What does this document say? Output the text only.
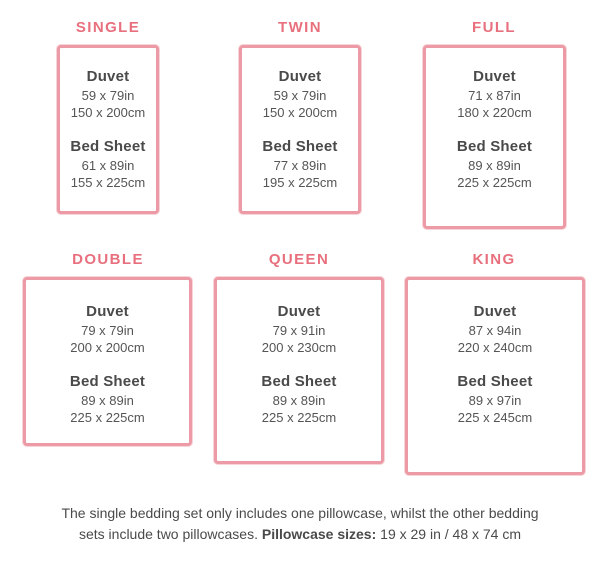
SINGLE	TWIN	FULL
DOUBLE	QUEEN	KING
Duvet
59 x 79in
150 x 200cm
Bed Sheet
61 x 89in
155 x 225cm
Duvet
59 x 79in
150 x 200cm
Bed Sheet
77 x 89in
195 x 225cm
Duvet
71 x 87in
180 x 220cm
Bed Sheet
89 x 89in
225 x 225cm
Duvet
79 x 79in
200 x 200cm
Bed Sheet
89 x 89in
225 x 225cm
Duvet
79 x 91in
200 x 230cm
Bed Sheet
89 x 89in
225 x 225cm
Duvet
87 x 94in
220 x 240cm
Bed Sheet
89 x 97in
225 x 245cm
The single bedding set only includes one pillowcase, whilst the other bedding
sets include two pillowcases. Pillowcase sizes: 19 x 29 in / 48 x 74 cm
